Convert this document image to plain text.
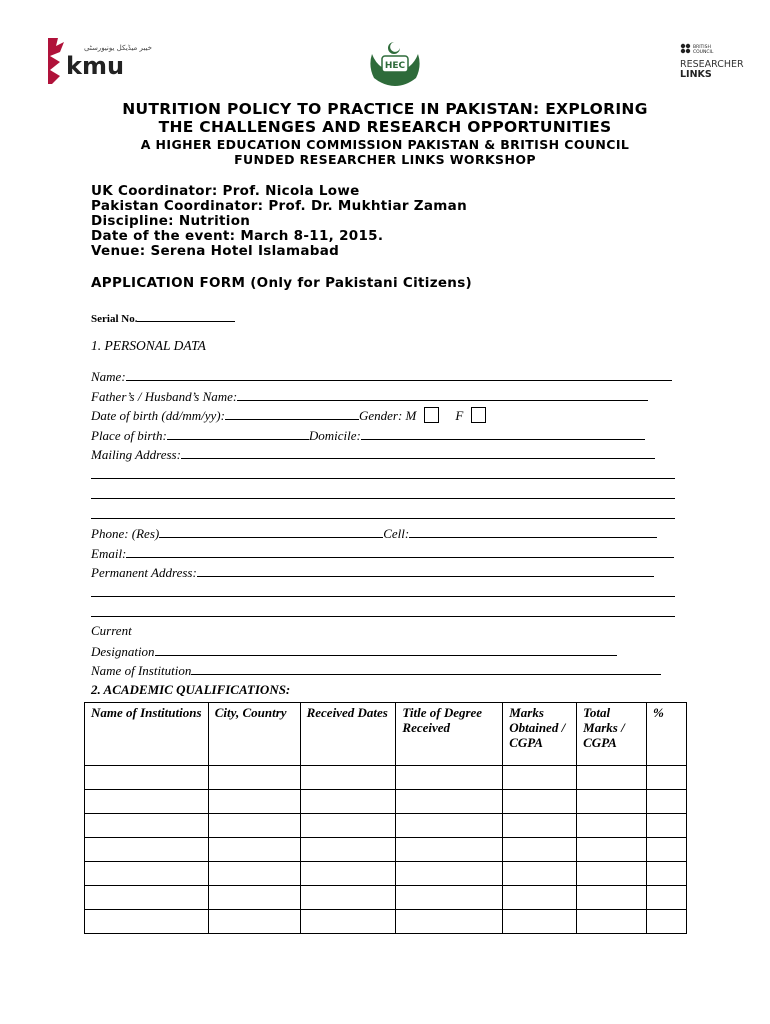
kmu
خیبر میڈیکل یونیورسٹی
HEC
BRITISH
COUNCIL
RESEARCHER
LINKS
NUTRITION POLICY TO PRACTICE IN PAKISTAN: EXPLORING
THE CHALLENGES AND RESEARCH OPPORTUNITIES
A HIGHER EDUCATION COMMISSION PAKISTAN & BRITISH COUNCIL
FUNDED RESEARCHER LINKS WORKSHOP
UK Coordinator: Prof. Nicola Lowe
Pakistan Coordinator: Prof. Dr. Mukhtiar Zaman
Discipline: Nutrition
Date of the event: March 8-11, 2015.
Venue: Serena Hotel Islamabad
APPLICATION FORM (Only for Pakistani Citizens)
Serial No.
1. PERSONAL DATA
Name:
Father’s / Husband’s Name:
Date of birth (dd/mm/yy):	Gender: M	F
Place of birth:	Domicile:
Mailing Address:
Phone: (Res)	Cell:
Email:
Permanent Address:
Current
Designation
Name of Institution
2. ACADEMIC QUALIFICATIONS:
Name of Institutions	City, Country	Received Dates	Title of Degree Received	Marks Obtained / CGPA	Total Marks / CGPA	%
